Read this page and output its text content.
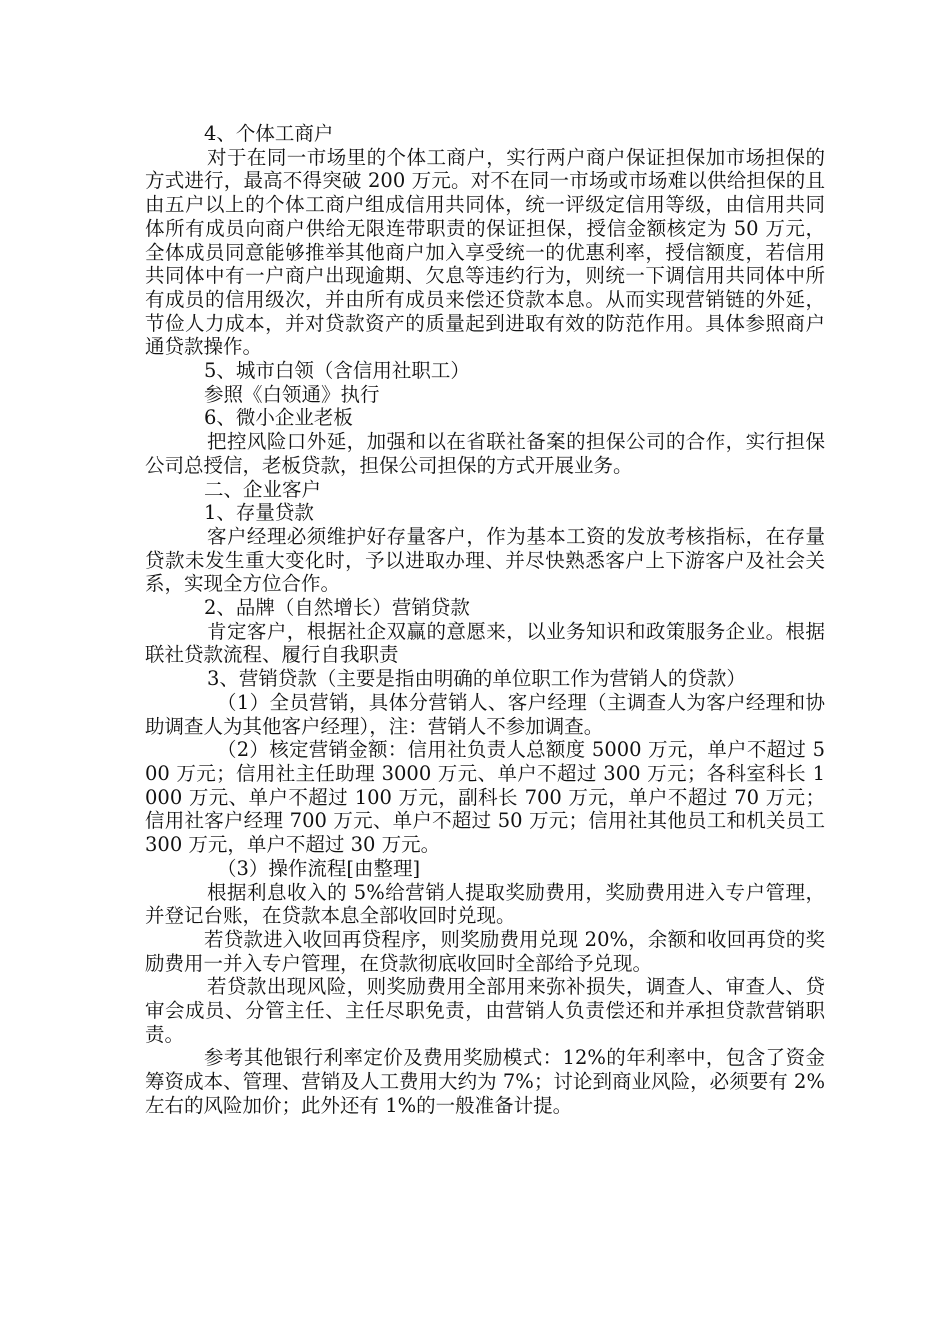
4、个体工商户

对于在同一市场里的个体工商户，实行两户商户保证担保加市场担保的方式进行，最高不得突破 200 万元。对不在同一市场或市场难以供给担保的且由五户以上的个体工商户组成信用共同体，统一评级定信用等级，由信用共同体所有成员向商户供给无限连带职责的保证担保，授信金额核定为 50 万元，全体成员同意能够推举其他商户加入享受统一的优惠利率，授信额度，若信用共同体中有一户商户出现逾期、欠息等违约行为，则统一下调信用共同体中所有成员的信用级次，并由所有成员来偿还贷款本息。从而实现营销链的外延，节俭人力成本，并对贷款资产的质量起到进取有效的防范作用。具体参照商户通贷款操作。

5、城市白领（含信用社职工）

参照《白领通》执行

6、微小企业老板

把控风险口外延，加强和以在省联社备案的担保公司的合作，实行担保公司总授信，老板贷款，担保公司担保的方式开展业务。

二、企业客户

1、存量贷款

客户经理必须维护好存量客户，作为基本工资的发放考核指标，在存量贷款未发生重大变化时，予以进取办理、并尽快熟悉客户上下游客户及社会关系，实现全方位合作。

2、品牌（自然增长）营销贷款

肯定客户，根据社企双赢的意愿来，以业务知识和政策服务企业。根据联社贷款流程、履行自我职责

3、营销贷款（主要是指由明确的单位职工作为营销人的贷款）

（1）全员营销，具体分营销人、客户经理（主调查人为客户经理和协助调查人为其他客户经理），注：营销人不参加调查。

（2）核定营销金额：信用社负责人总额度 5000 万元，单户不超过 500 万元；信用社主任助理 3000 万元、单户不超过 300 万元；各科室科长 1000 万元、单户不超过 100 万元，副科长 700 万元，单户不超过 70 万元；信用社客户经理 700 万元、单户不超过 50 万元；信用社其他员工和机关员工 300 万元，单户不超过 30 万元。

（3）操作流程[由整理]

根据利息收入的 5%给营销人提取奖励费用，奖励费用进入专户管理，并登记台账，在贷款本息全部收回时兑现。

若贷款进入收回再贷程序，则奖励费用兑现 20%，余额和收回再贷的奖励费用一并入专户管理，在贷款彻底收回时全部给予兑现。

若贷款出现风险，则奖励费用全部用来弥补损失，调查人、审查人、贷审会成员、分管主任、主任尽职免责，由营销人负责偿还和并承担贷款营销职责。

参考其他银行利率定价及费用奖励模式：12%的年利率中，包含了资金筹资成本、管理、营销及人工费用大约为 7%；讨论到商业风险，必须要有 2%左右的风险加价；此外还有 1%的一般准备计提。
